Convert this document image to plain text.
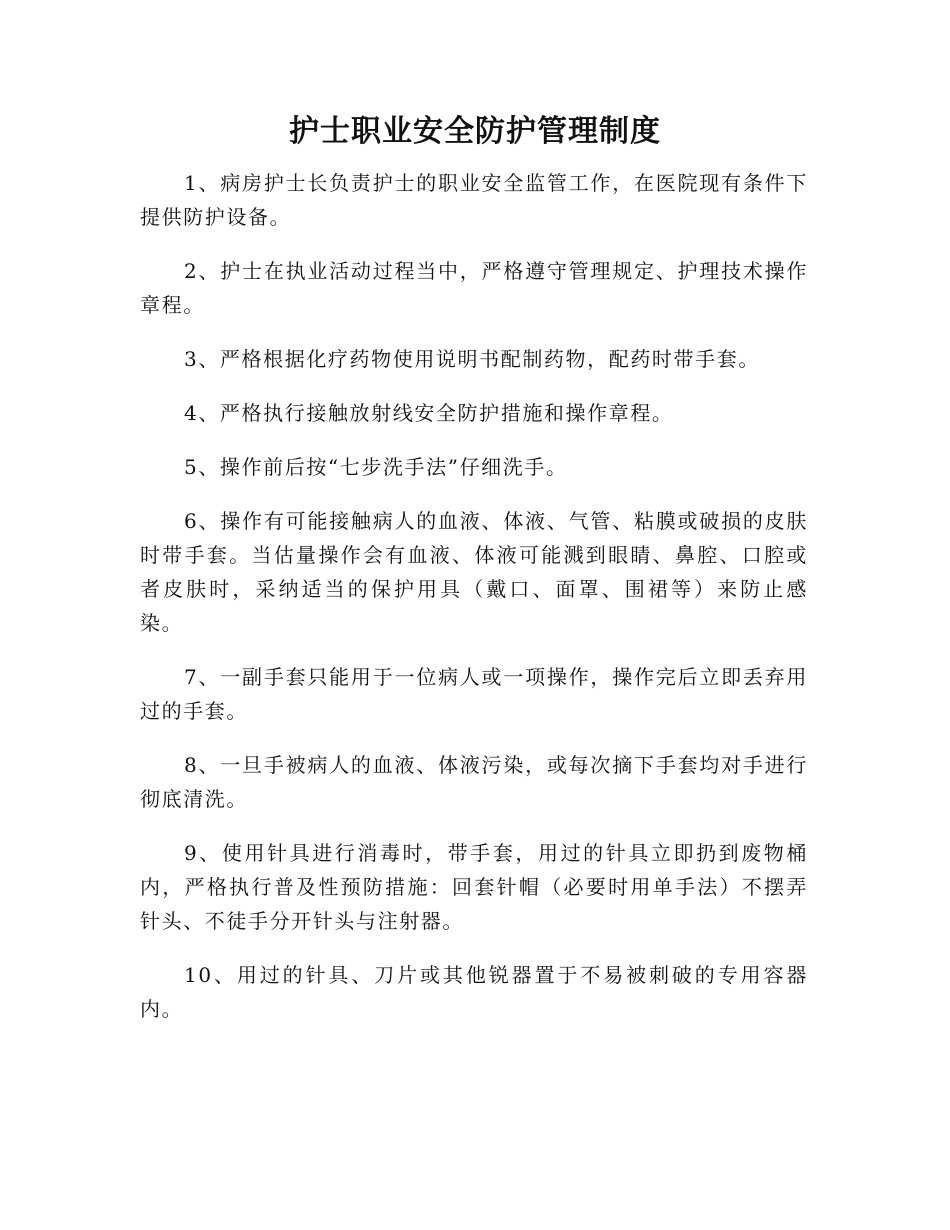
护士职业安全防护管理制度

1、病房护士长负责护士的职业安全监管工作，在医院现有条件下提供防护设备。

2、护士在执业活动过程当中，严格遵守管理规定、护理技术操作章程。

3、严格根据化疗药物使用说明书配制药物，配药时带手套。

4、严格执行接触放射线安全防护措施和操作章程。

5、操作前后按“七步洗手法”仔细洗手。

6、操作有可能接触病人的血液、体液、气管、粘膜或破损的皮肤时带手套。当估量操作会有血液、体液可能溅到眼睛、鼻腔、口腔或者皮肤时，采纳适当的保护用具（戴口、面罩、围裙等）来防止感染。

7、一副手套只能用于一位病人或一项操作，操作完后立即丢弃用过的手套。

8、一旦手被病人的血液、体液污染，或每次摘下手套均对手进行彻底清洗。

9、使用针具进行消毒时，带手套，用过的针具立即扔到废物桶内，严格执行普及性预防措施：回套针帽（必要时用单手法）不摆弄针头、不徒手分开针头与注射器。

10、用过的针具、刀片或其他锐器置于不易被刺破的专用容器内。
